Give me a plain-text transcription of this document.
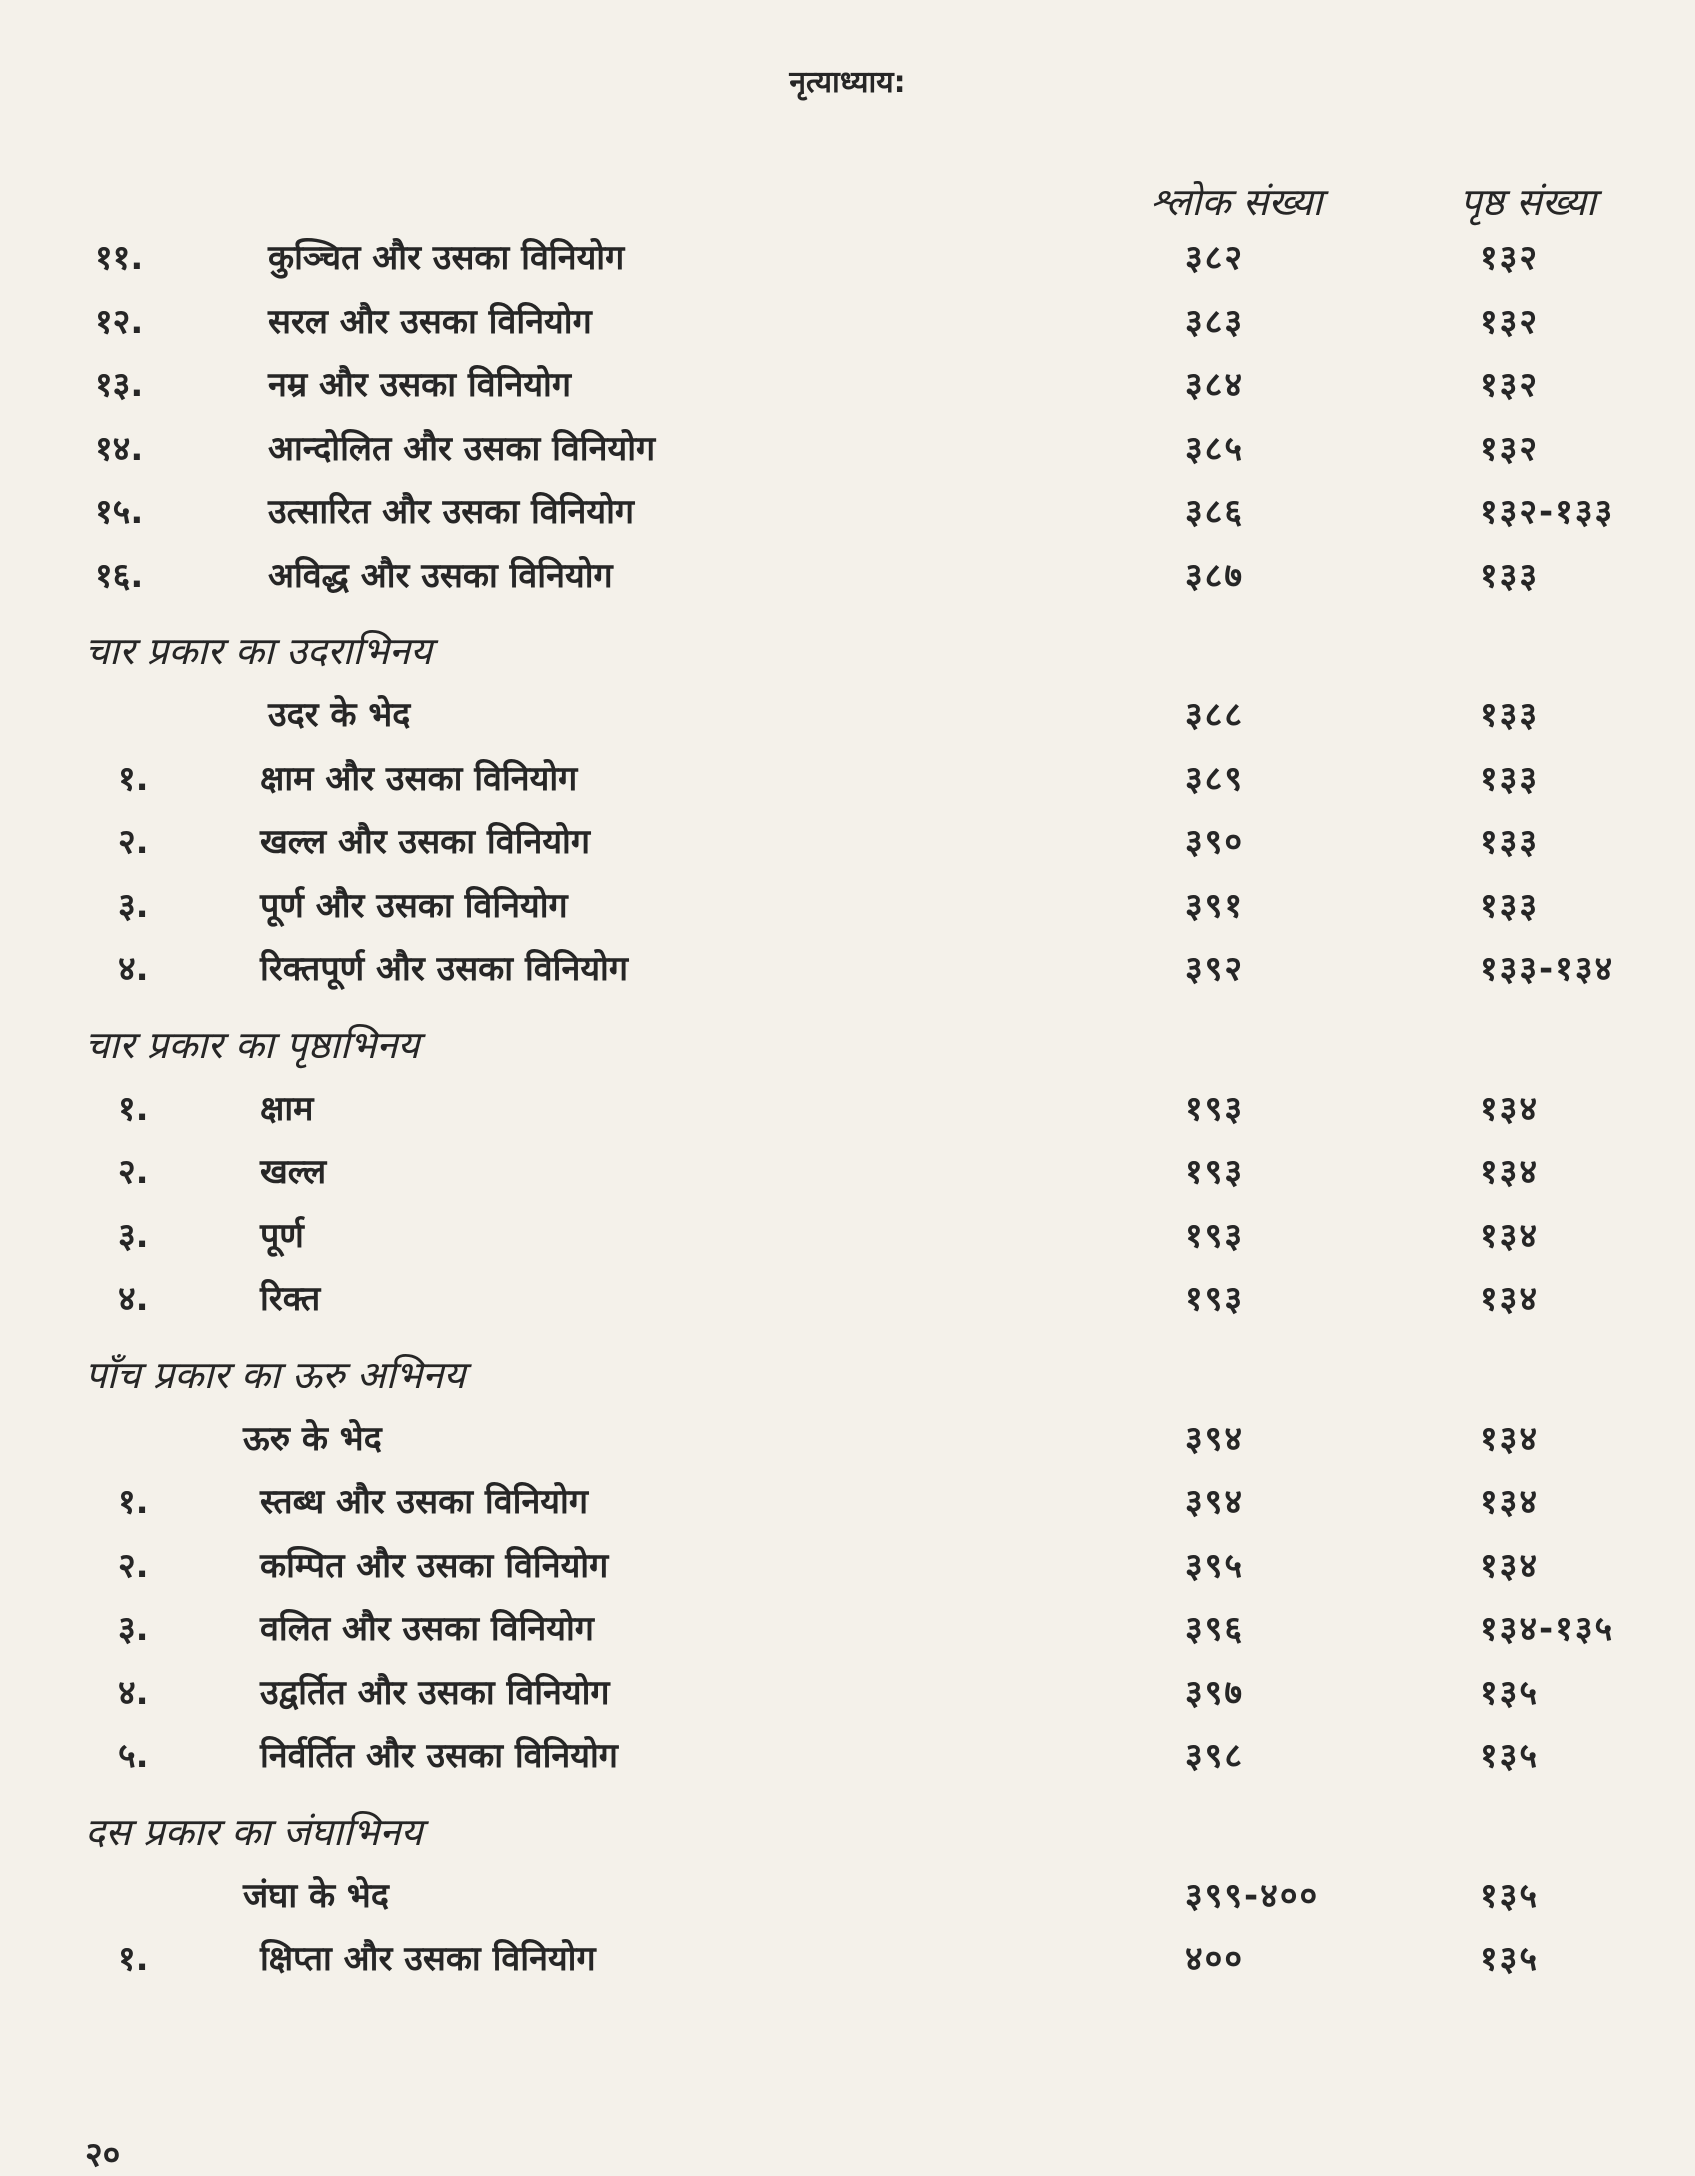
नृत्याध्याय:
श्लोक संख्या	पृष्ठ संख्या
११.	कुञ्चित और उसका विनियोग	३८२	१३२
१२.	सरल और उसका विनियोग	३८३	१३२
१३.	नम्र और उसका विनियोग	३८४	१३२
१४.	आन्दोलित और उसका विनियोग	३८५	१३२
१५.	उत्सारित और उसका विनियोग	३८६	१३२-१३३
१६.	अविद्ध और उसका विनियोग	३८७	१३३
चार प्रकार का उदराभिनय
उदर के भेद	३८८	१३३
१.	क्षाम और उसका विनियोग	३८९	१३३
२.	खल्ल और उसका विनियोग	३९०	१३३
३.	पूर्ण और उसका विनियोग	३९१	१३३
४.	रिक्तपूर्ण और उसका विनियोग	३९२	१३३-१३४
चार प्रकार का पृष्ठाभिनय
१.	क्षाम	१९३	१३४
२.	खल्ल	१९३	१३४
३.	पूर्ण	१९३	१३४
४.	रिक्त	१९३	१३४
पाँच प्रकार का ऊरु अभिनय
ऊरु के भेद	३९४	१३४
१.	स्तब्ध और उसका विनियोग	३९४	१३४
२.	कम्पित और उसका विनियोग	३९५	१३४
३.	वलित और उसका विनियोग	३९६	१३४-१३५
४.	उद्वर्तित और उसका विनियोग	३९७	१३५
५.	निर्वर्तित और उसका विनियोग	३९८	१३५
दस प्रकार का जंघाभिनय
जंघा के भेद	३९९-४००	१३५
१.	क्षिप्ता और उसका विनियोग	४००	१३५
२०
